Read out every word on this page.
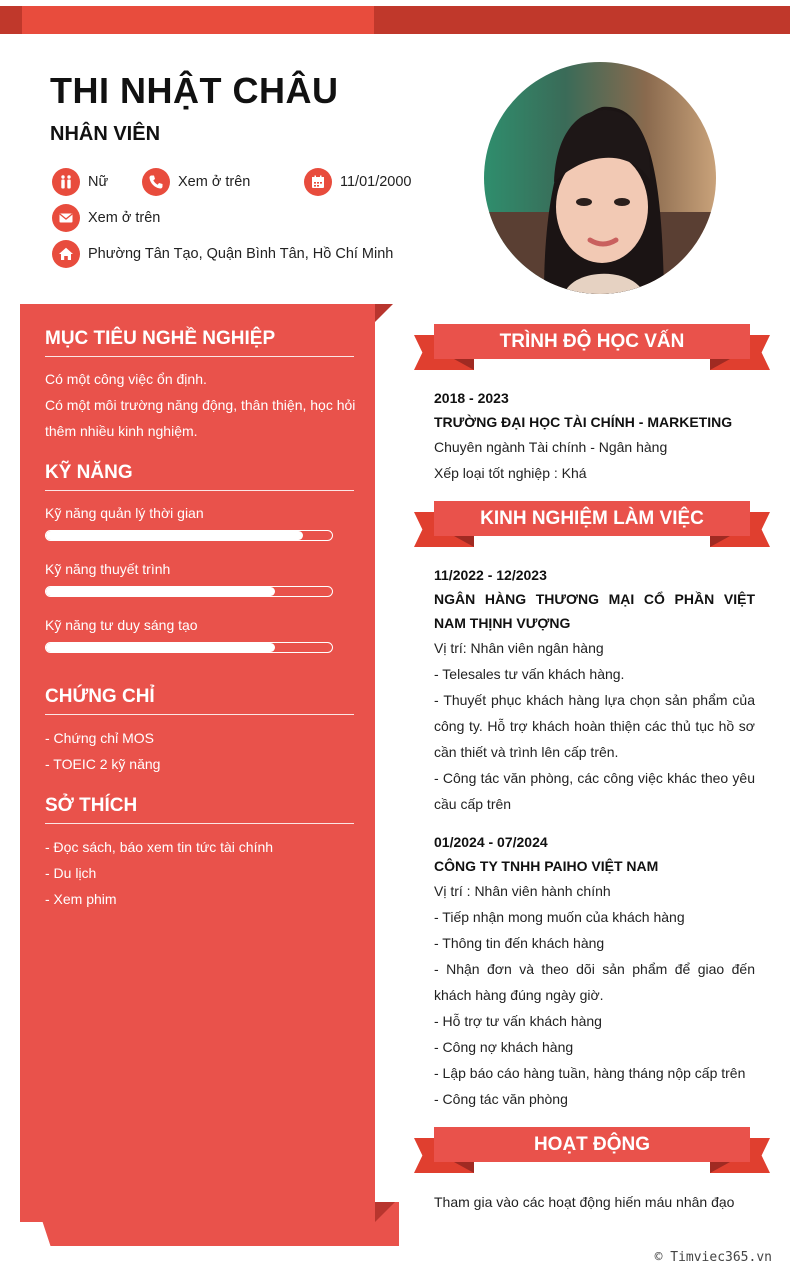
THI NHẬT CHÂU
NHÂN VIÊN
Nữ	Xem ở trên	11/01/2000
Xem ở trên
Phường Tân Tạo, Quận Bình Tân, Hồ Chí Minh
MỤC TIÊU NGHỀ NGHIỆP
Có một công việc ổn định.
Có một môi trường năng động, thân thiện, học hỏi
thêm nhiều kinh nghiệm.
KỸ NĂNG
Kỹ năng quản lý thời gian
Kỹ năng thuyết trình
Kỹ năng tư duy sáng tạo
CHỨNG CHỈ
- Chứng chỉ MOS
- TOEIC 2 kỹ năng
SỞ THÍCH
- Đọc sách, báo xem tin tức tài chính
- Du lịch
- Xem phim
TRÌNH ĐỘ HỌC VẤN
2018 - 2023
TRƯỜNG ĐẠI HỌC TÀI CHÍNH - MARKETING
Chuyên ngành Tài chính - Ngân hàng
Xếp loại tốt nghiệp : Khá
KINH NGHIỆM LÀM VIỆC
11/2022 - 12/2023
NGÂN HÀNG THƯƠNG MẠI CỔ PHẦN VIỆT NAM THỊNH VƯỢNG
Vị trí: Nhân viên ngân hàng
- Telesales tư vấn khách hàng.
- Thuyết phục khách hàng lựa chọn sản phẩm của công ty. Hỗ trợ khách hoàn thiện các thủ tục hồ sơ cần thiết và trình lên cấp trên.
- Công tác văn phòng, các công việc khác theo yêu cầu cấp trên
01/2024 - 07/2024
CÔNG TY TNHH PAIHO VIỆT NAM
Vị trí : Nhân viên hành chính
- Tiếp nhận mong muốn của khách hàng
- Thông tin đến khách hàng
- Nhận đơn và theo dõi sản phẩm để giao đến khách hàng đúng ngày giờ.
- Hỗ trợ tư vấn khách hàng
- Công nợ khách hàng
- Lập báo cáo hàng tuần, hàng tháng nộp cấp trên
- Công tác văn phòng
HOẠT ĐỘNG
Tham gia vào các hoạt động hiến máu nhân đạo
© Timviec365.vn
